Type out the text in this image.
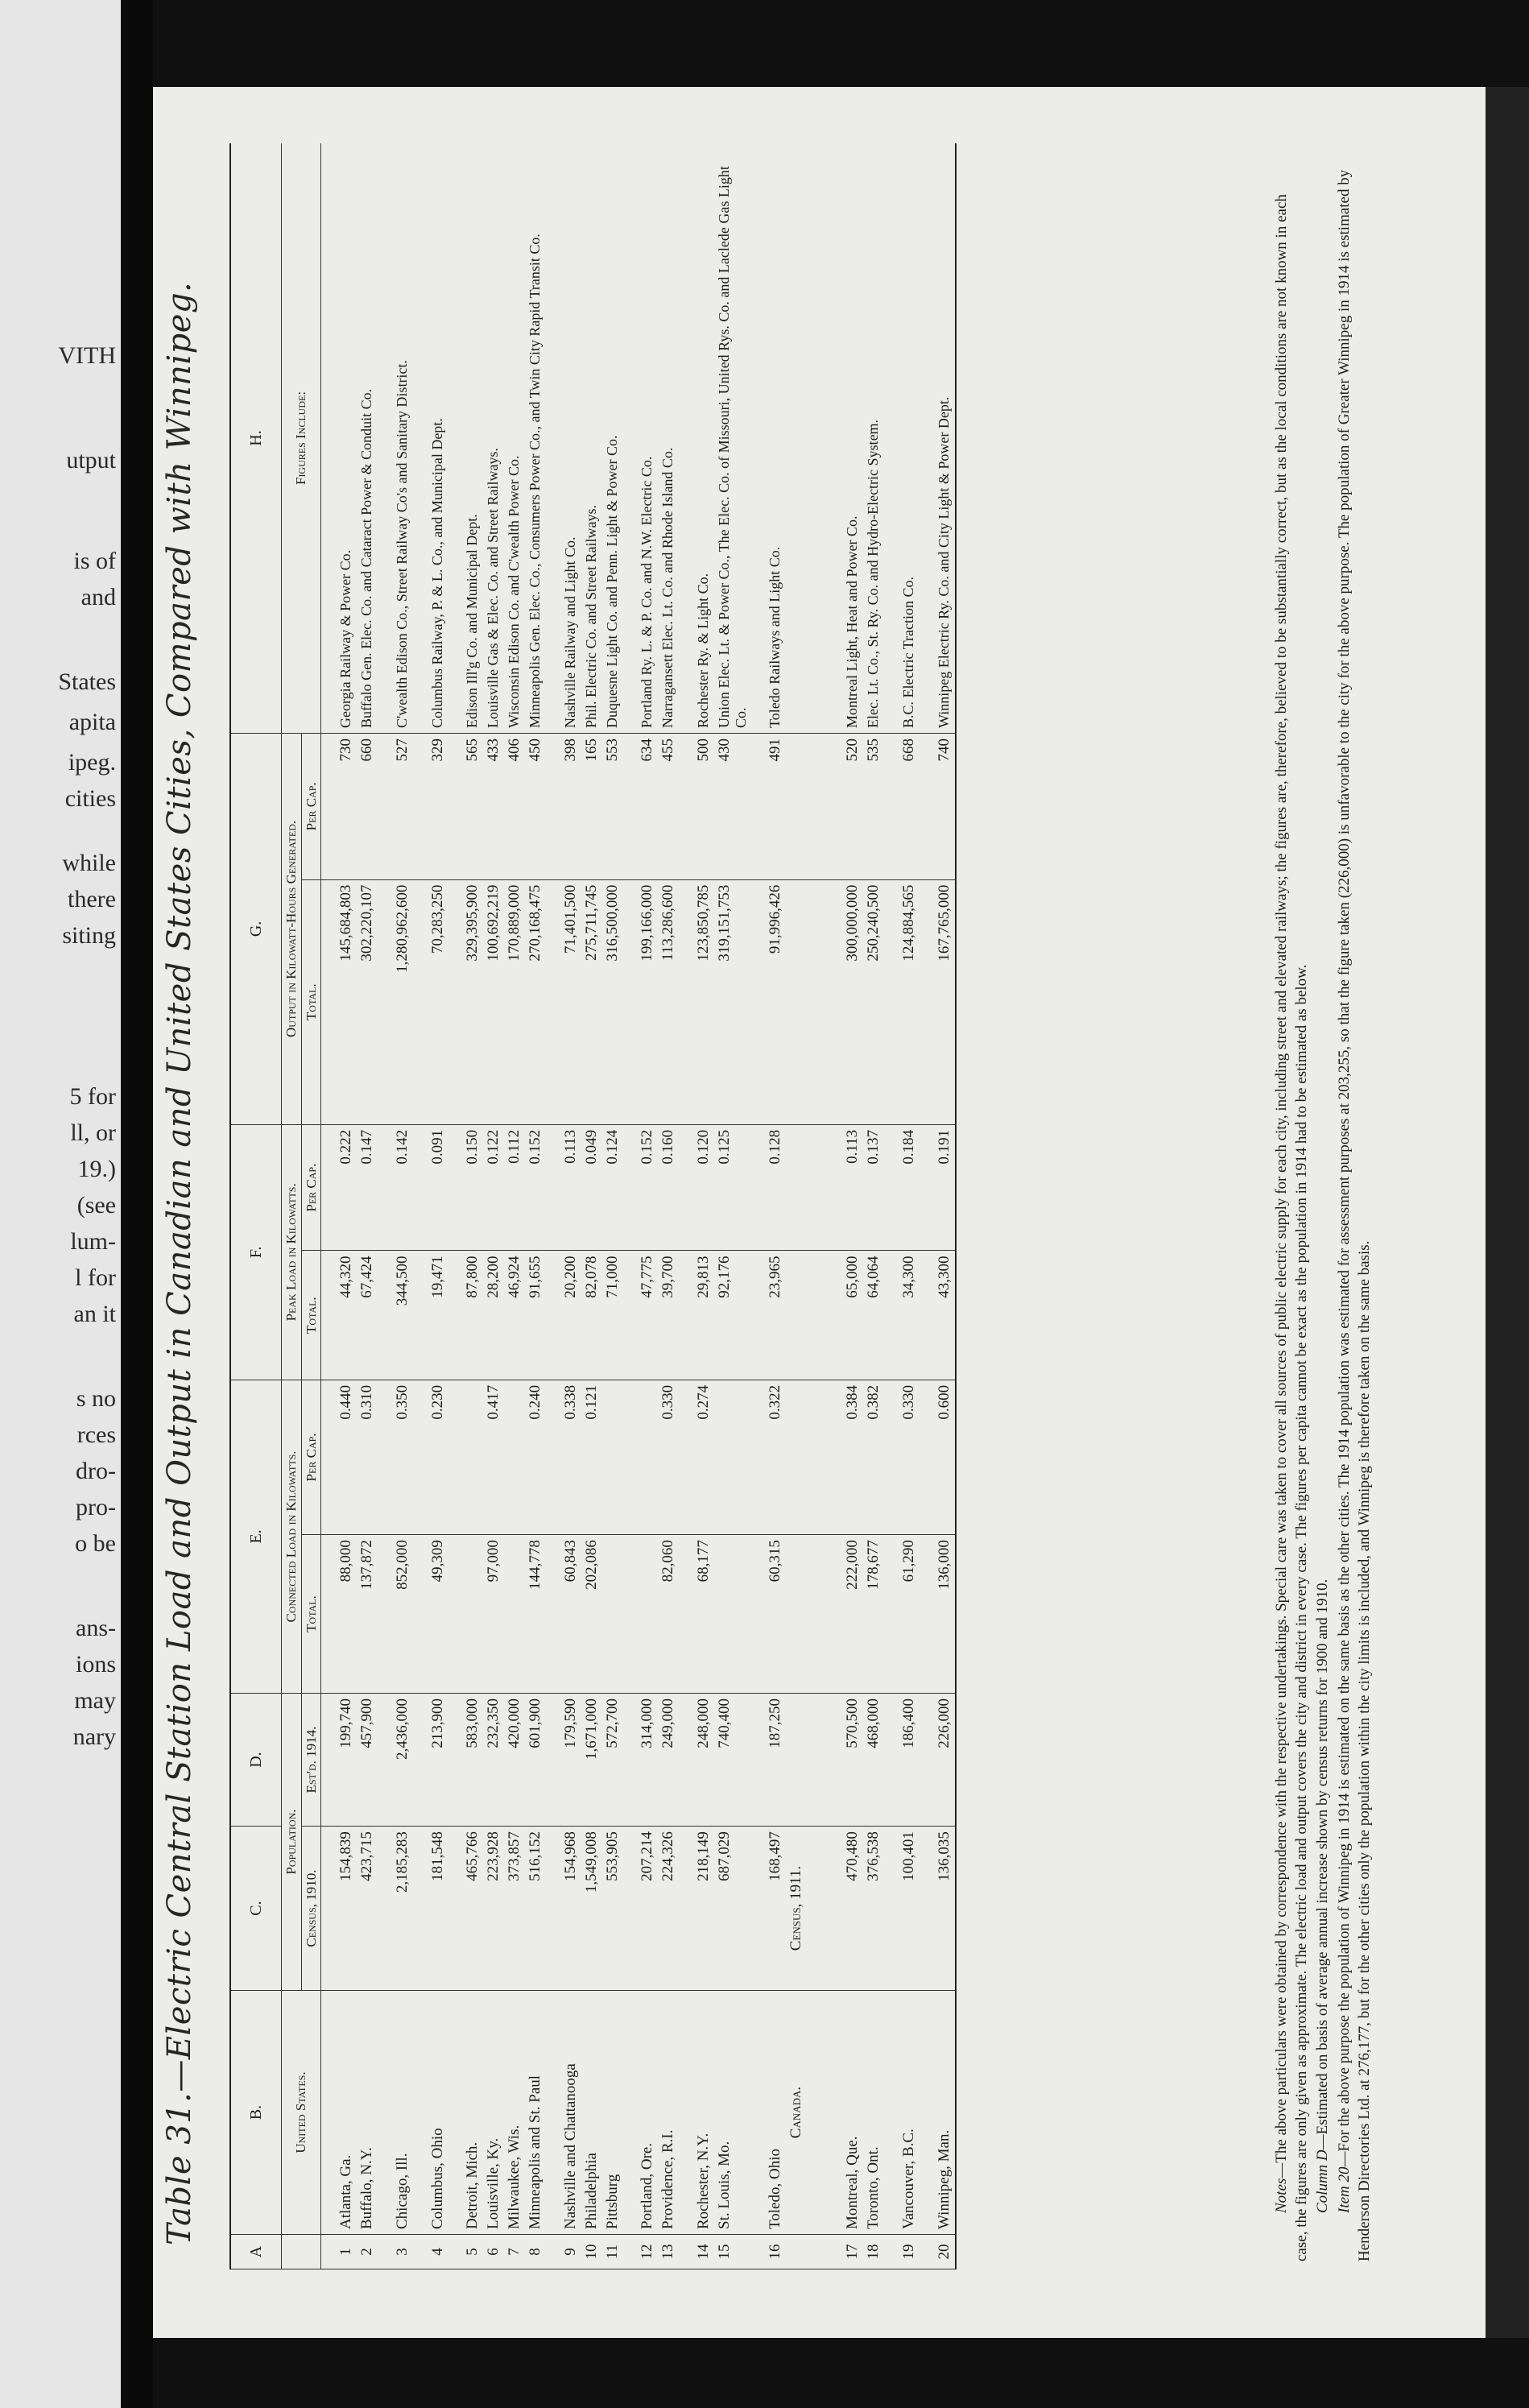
VITH
utput
is of
and
States
apita
ipeg.
cities
while
there
siting
5 for
ll, or
19.)
(see
lum-
l for
an it
s no
rces
dro-
pro-
o be
ans-
ions
may
nary Table 31.—Electric Central Station Load and Output in Canadian and United States Cities, Compared with Winnipeg.
A	B.	C.	D.	E.		F.		G.		H.
	United States.	Population.		Connected Load in Kilowatts.		Peak Load in Kilowatts.		Output in Kilowatt-Hours Generated.		Figures Include:
		Census, 1910.	Est'd. 1914.	Total.	Per Cap.	Total.	Per Cap.	Total.	Per Cap.	

1	Atlanta, Ga.	154,839	199,740	88,000	0.440	44,320	0.222	145,684,803	730	Georgia Railway & Power Co.
2	Buffalo, N.Y.	423,715	457,900	137,872	0.310	67,424	0.147	302,220,107	660	Buffalo Gen. Elec. Co. and Cataract Power & Conduit Co.

3	Chicago, Ill.	2,185,283	2,436,000	852,000	0.350	344,500	0.142	1,280,962,600	527	C'wealth Edison Co., Street Railway Co's and Sanitary District.

4	Columbus, Ohio	181,548	213,900	49,309	0.230	19,471	0.091	70,283,250	329	Columbus Railway, P. & L. Co., and Municipal Dept.

5	Detroit, Mich.	465,766	583,000			87,800	0.150	329,395,900	565	Edison Ill'g Co. and Municipal Dept.
6	Louisville, Ky.	223,928	232,350	97,000	0.417	28,200	0.122	100,692,219	433	Louisville Gas & Elec. Co. and Street Railways.
7	Milwaukee, Wis.	373,857	420,000			46,924	0.112	170,889,000	406	Wisconsin Edison Co. and C'wealth Power Co.
8	Minneapolis and St. Paul	516,152	601,900	144,778	0.240	91,655	0.152	270,168,475	450	Minneapolis Gen. Elec. Co., Consumers Power Co., and Twin City Rapid Transit Co.

9	Nashville and Chattanooga	154,968	179,590	60,843	0.338	20,200	0.113	71,401,500	398	Nashville Railway and Light Co.
10	Philadelphia	1,549,008	1,671,000	202,086	0.121	82,078	0.049	275,711,745	165	Phil. Electric Co. and Street Railways.
11	Pittsburg	553,905	572,700			71,000	0.124	316,500,000	553	Duquesne Light Co. and Penn. Light & Power Co.

12	Portland, Ore.	207,214	314,000			47,775	0.152	199,166,000	634	Portland Ry. L. & P. Co. and N.W. Electric Co.
13	Providence, R.I.	224,326	249,000	82,060	0.330	39,700	0.160	113,286,600	455	Narragansett Elec. Lt. Co. and Rhode Island Co.

14	Rochester, N.Y.	218,149	248,000	68,177	0.274	29,813	0.120	123,850,785	500	Rochester Ry. & Light Co.
15	St. Louis, Mo.	687,029	740,400			92,176	0.125	319,151,753	430	Union Elec. Lt. & Power Co., The Elec. Co. of Missouri, United Rys. Co. and Laclede Gas Light Co.

16	Toledo, Ohio	168,497	187,250	60,315	0.322	23,965	0.128	91,996,426	491	Toledo Railways and Light Co.
	Canada.	Census, 1911.								

17	Montreal, Que.	470,480	570,500	222,000	0.384	65,000	0.113	300,000,000	520	Montreal Light, Heat and Power Co.
18	Toronto, Ont.	376,538	468,000	178,677	0.382	64,064	0.137	250,240,500	535	Elec. Lt. Co., St. Ry. Co. and Hydro-Electric System.

19	Vancouver, B.C.	100,401	186,400	61,290	0.330	34,300	0.184	124,884,565	668	B.C. Electric Traction Co.

20	Winnipeg, Man.	136,035	226,000	136,000	0.600	43,300	0.191	167,765,000	740	Winnipeg Electric Ry. Co. and City Light & Power Dept.

Notes—The above particulars were obtained by correspondence with the respective undertakings. Special care was taken to cover all sources of public electric supply for each city, including street and elevated railways; the figures are, therefore, believed to be substantially correct, but as the local conditions are not known in each case, the figures are only given as approximate. The electric load and output covers the city and district in every case. The figures per capita cannot be exact as the population in 1914 had to be estimated as below. Column D—Estimated on basis of average annual increase shown by census returns for 1900 and 1910.

Item 20—For the above purpose the population of Winnipeg in 1914 is estimated on the same basis as the other cities. The 1914 population was estimated for assessment purposes at 203,255, so that the figure taken (226,000) is unfavorable to the city for the above purpose. The population of Greater Winnipeg in 1914 is estimated by Henderson Directories Ltd. at 276,177, but for the other cities only the population within the city limits is included, and Winnipeg is therefore taken on the same basis.
